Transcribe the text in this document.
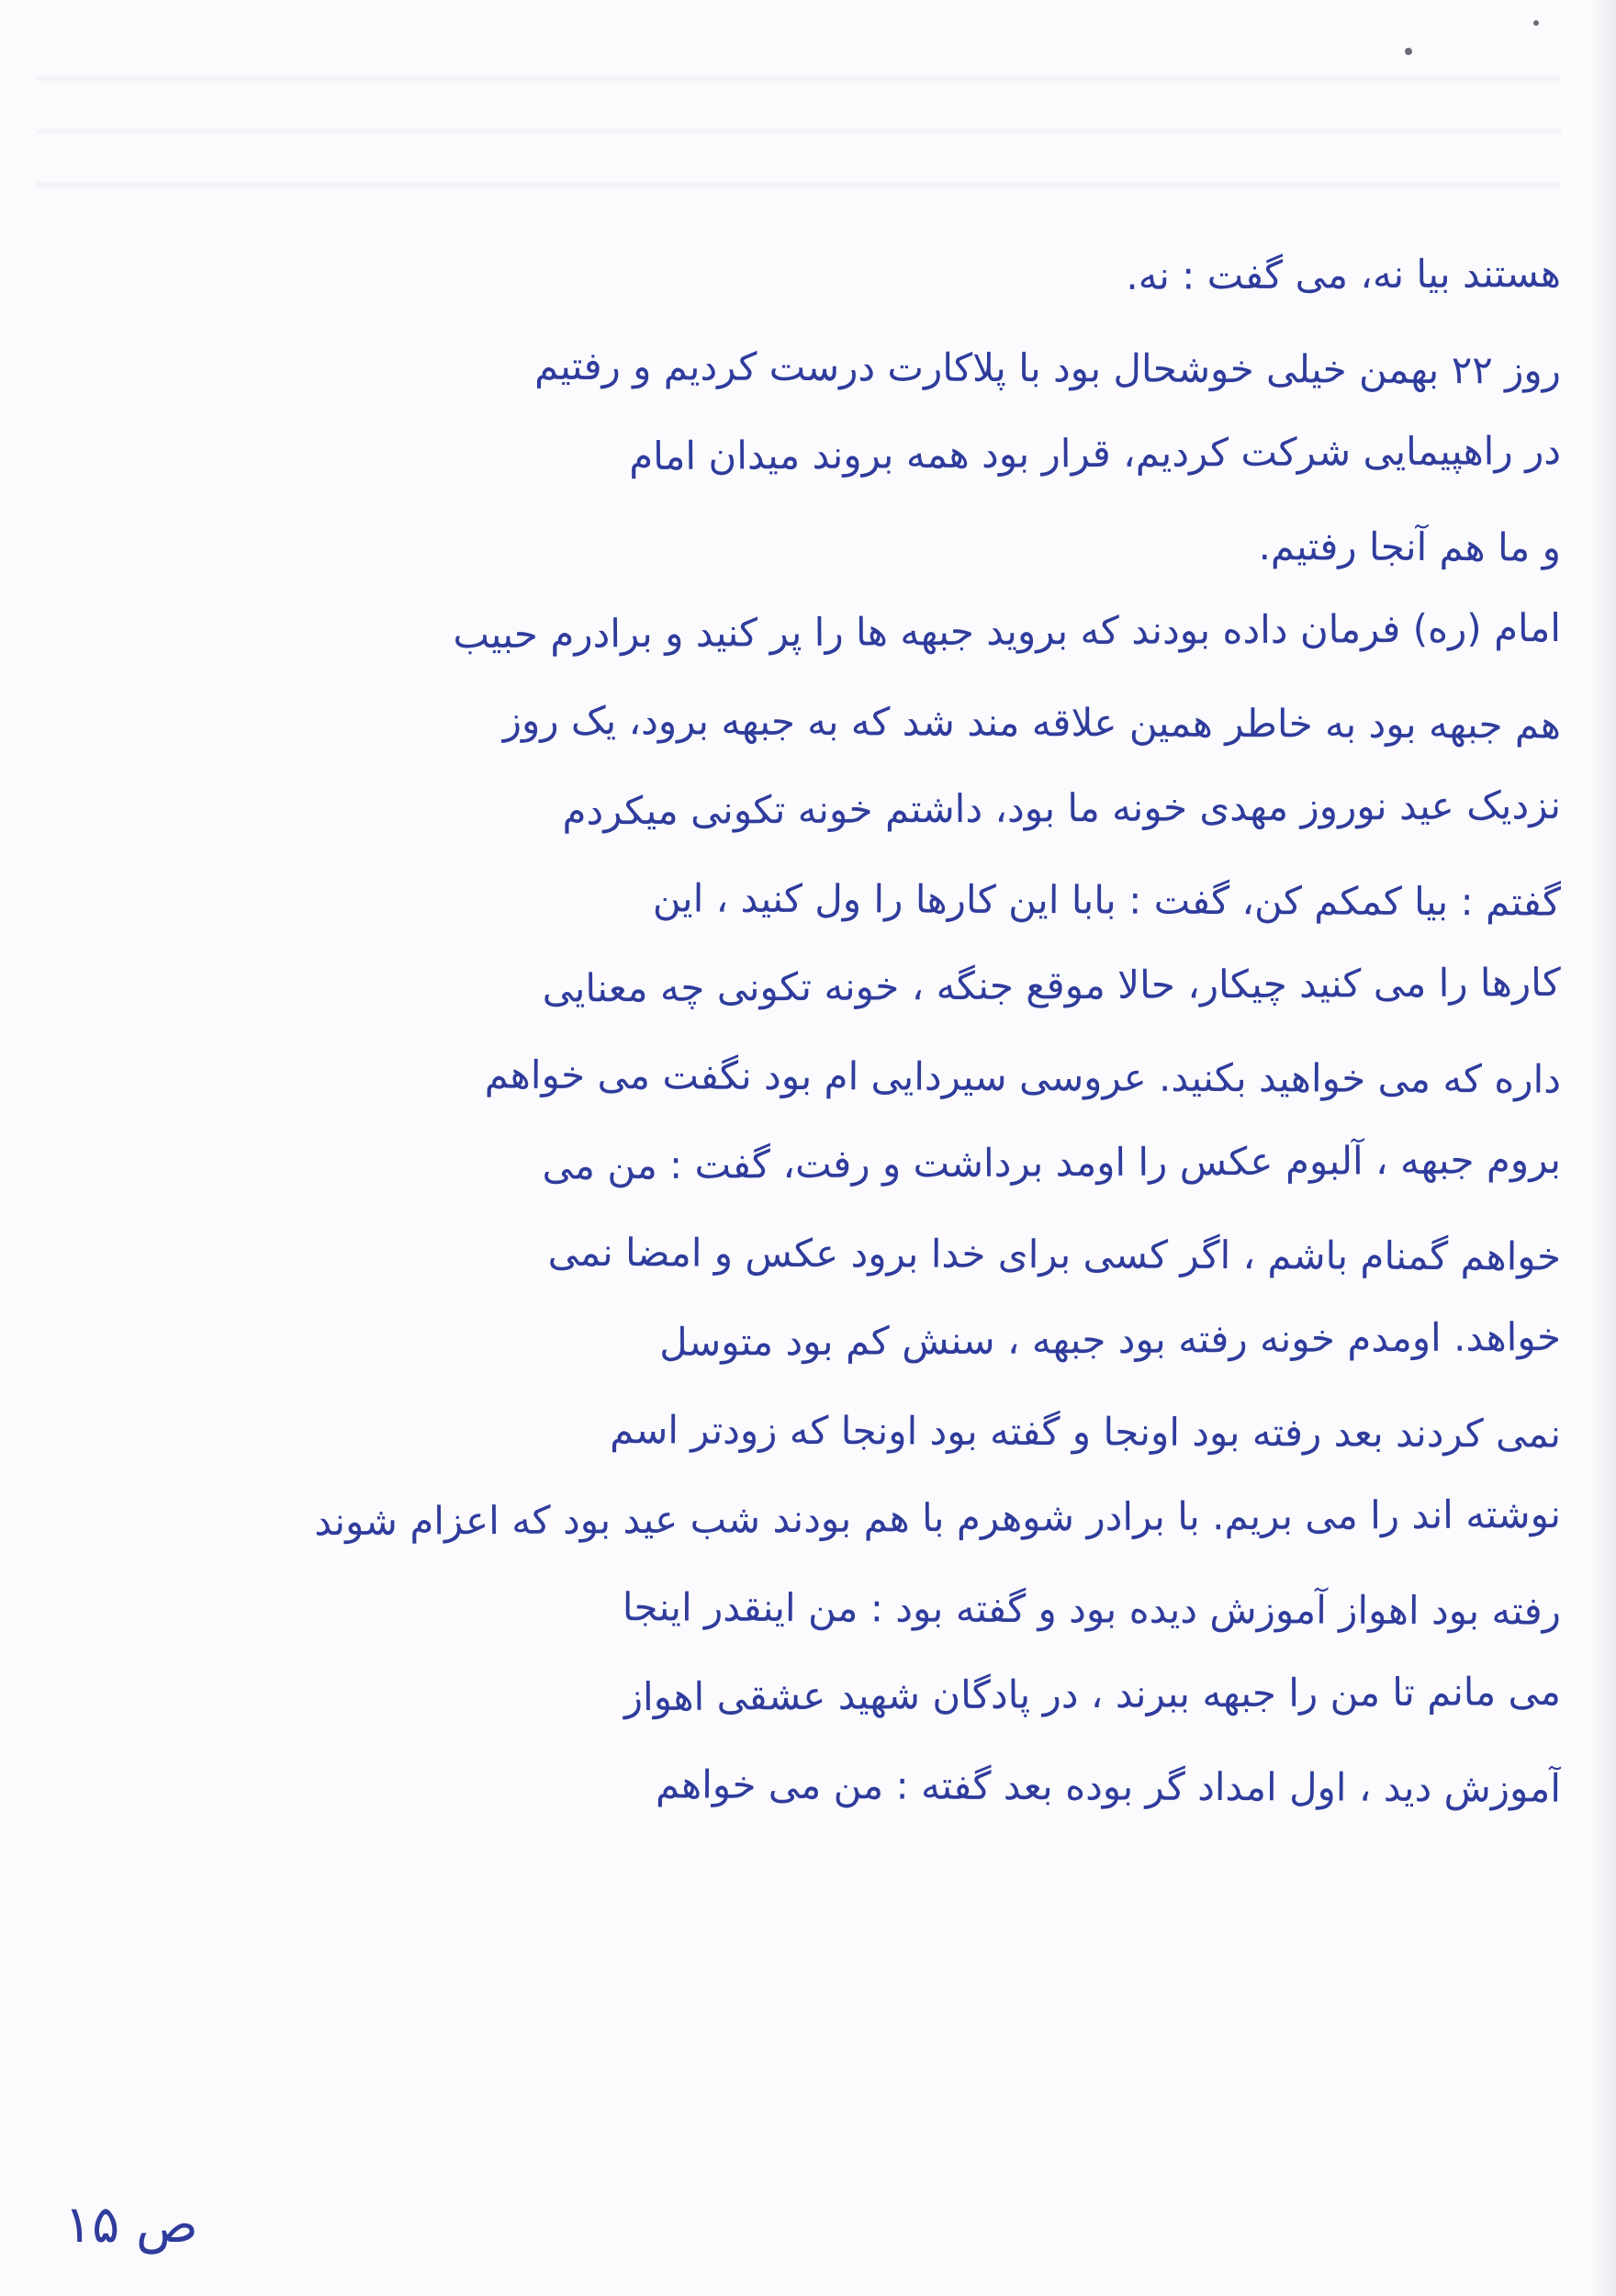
هستند بیا نه، می گفت : نه.
روز ۲۲ بهمن خیلی خوشحال بود با پلاکارت درست کردیم و رفتیم
در راهپیمایی شرکت کردیم، قرار بود همه بروند میدان امام
و ما هم آنجا رفتیم.
امام (ره) فرمان داده بودند که بروید جبهه ها را پر کنید و برادرم حبیب
هم جبهه بود به خاطر همین علاقه مند شد که به جبهه برود، یک روز
نزدیک عید نوروز مهدی خونه ما بود، داشتم خونه تکونی میکردم
گفتم : بیا کمکم کن، گفت : بابا این کارها را ول کنید ، این
کارها را می کنید چیکار، حالا موقع جنگه ، خونه تکونی چه معنایی
داره که می خواهید بکنید. عروسی سیردایی ام بود نگفت می خواهم
بروم جبهه ، آلبوم عکس را اومد برداشت و رفت، گفت : من می
خواهم گمنام باشم ، اگر کسی برای خدا برود عکس و امضا نمی
خواهد. اومدم خونه رفته بود جبهه ، سنش کم بود متوسل
نمی کردند بعد رفته بود اونجا و گفته بود اونجا که زودتر اسم
نوشته اند را می بریم. با برادر شوهرم با هم بودند شب عید بود که اعزام شوند
رفته بود اهواز آموزش دیده بود و گفته بود : من اینقدر اینجا
می مانم تا من را جبهه ببرند ، در پادگان شهید عشقی اهواز
آموزش دید ، اول امداد گر بوده بعد گفته : من می خواهم
ص ۱۵
